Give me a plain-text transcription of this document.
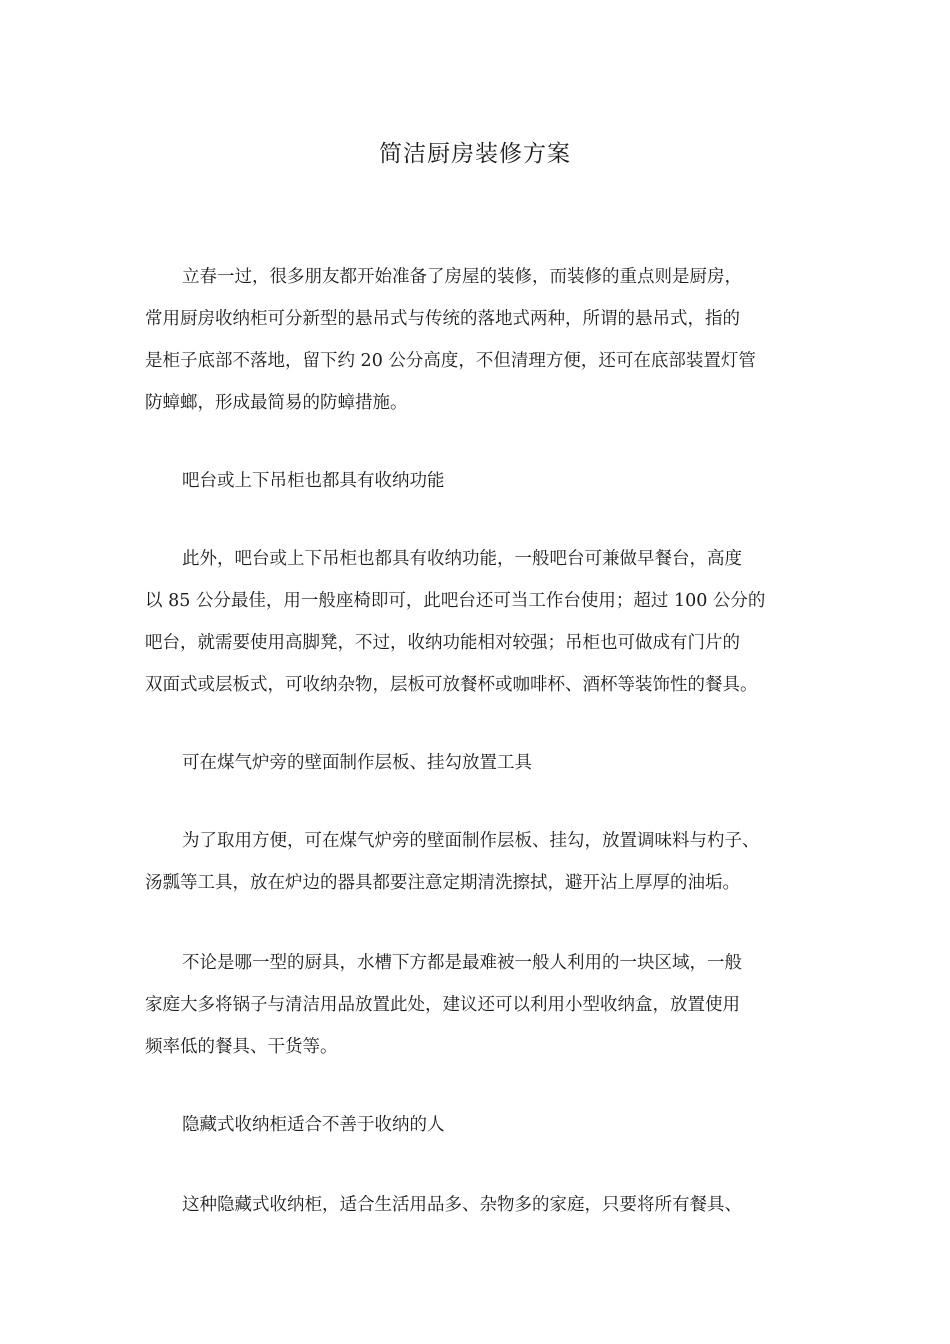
简洁厨房装修方案
立春一过，很多朋友都开始准备了房屋的装修，而装修的重点则是厨房，
常用厨房收纳柜可分新型的悬吊式与传统的落地式两种，所谓的悬吊式，指的
是柜子底部不落地，留下约 20 公分高度，不但清理方便，还可在底部装置灯管
防蟑螂，形成最简易的防蟑措施。
吧台或上下吊柜也都具有收纳功能
此外，吧台或上下吊柜也都具有收纳功能，一般吧台可兼做早餐台，高度
以 85 公分最佳，用一般座椅即可，此吧台还可当工作台使用；超过 100 公分的
吧台，就需要使用高脚凳，不过，收纳功能相对较强；吊柜也可做成有门片的
双面式或层板式，可收纳杂物，层板可放餐杯或咖啡杯、酒杯等装饰性的餐具。
可在煤气炉旁的壁面制作层板、挂勾放置工具
为了取用方便，可在煤气炉旁的壁面制作层板、挂勾，放置调味料与杓子、
汤瓢等工具，放在炉边的器具都要注意定期清洗擦拭，避开沾上厚厚的油垢。
不论是哪一型的厨具，水槽下方都是最难被一般人利用的一块区域，一般
家庭大多将锅子与清洁用品放置此处，建议还可以利用小型收纳盒，放置使用
频率低的餐具、干货等。
隐藏式收纳柜适合不善于收纳的人
这种隐藏式收纳柜，适合生活用品多、杂物多的家庭，只要将所有餐具、
